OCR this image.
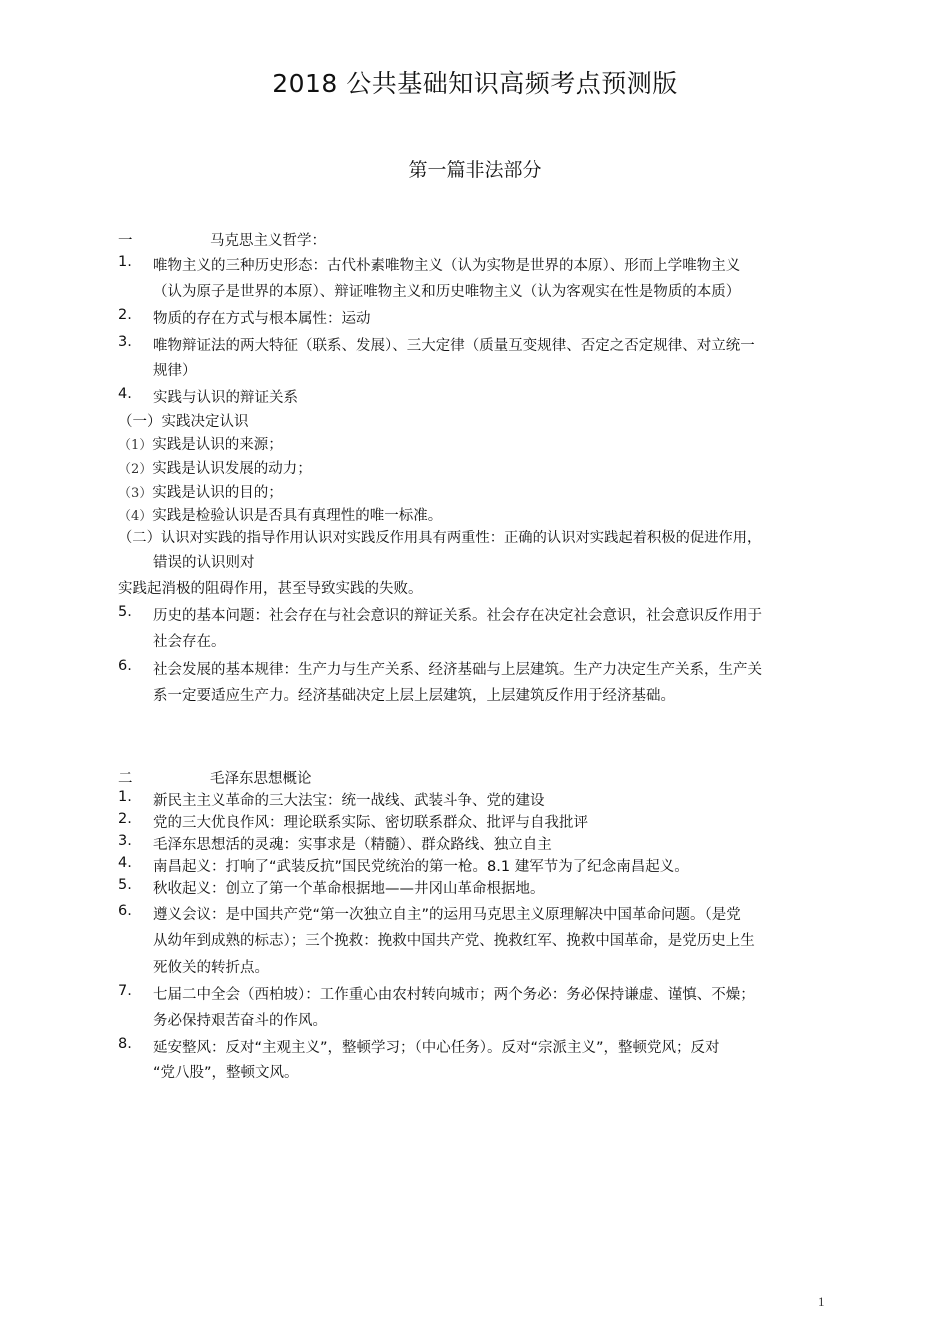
2018 公共基础知识高频考点预测版
第一篇非法部分
一	马克思主义哲学：
1. 唯物主义的三种历史形态：古代朴素唯物主义（认为实物是世界的本原）、形而上学唯物主义
（认为原子是世界的本原）、辩证唯物主义和历史唯物主义（认为客观实在性是物质的本质）
2. 物质的存在方式与根本属性：运动
3. 唯物辩证法的两大特征（联系、发展）、三大定律（质量互变规律、否定之否定规律、对立统一
规律）
4. 实践与认识的辩证关系
（一）实践决定认识
（1）实践是认识的来源；
（2）实践是认识发展的动力；
（3）实践是认识的目的；
（4）实践是检验认识是否具有真理性的唯一标准。
（二）认识对实践的指导作用认识对实践反作用具有两重性：正确的认识对实践起着积极的促进作用，
错误的认识则对
实践起消极的阻碍作用，甚至导致实践的失败。
5. 历史的基本问题：社会存在与社会意识的辩证关系。社会存在决定社会意识，社会意识反作用于
社会存在。
6. 社会发展的基本规律：生产力与生产关系、经济基础与上层建筑。生产力决定生产关系，生产关
系一定要适应生产力。经济基础决定上层上层建筑，上层建筑反作用于经济基础。
二	毛泽东思想概论
1. 新民主主义革命的三大法宝：统一战线、武装斗争、党的建设
2. 党的三大优良作风：理论联系实际、密切联系群众、批评与自我批评
3. 毛泽东思想活的灵魂：实事求是（精髓）、群众路线、独立自主
4. 南昌起义：打响了“武装反抗”国民党统治的第一枪。8.1 建军节为了纪念南昌起义。
5. 秋收起义：创立了第一个革命根据地——井冈山革命根据地。
6. 遵义会议：是中国共产党“第一次独立自主”的运用马克思主义原理解决中国革命问题。（是党
从幼年到成熟的标志）；三个挽救：挽救中国共产党、挽救红军、挽救中国革命，是党历史上生
死攸关的转折点。
7. 七届二中全会（西柏坡）：工作重心由农村转向城市；两个务必：务必保持谦虚、谨慎、不燥；
务必保持艰苦奋斗的作风。
8. 延安整风：反对“主观主义”，整顿学习；（中心任务）。反对“宗派主义”，整顿党风；反对
“党八股”，整顿文风。
1
